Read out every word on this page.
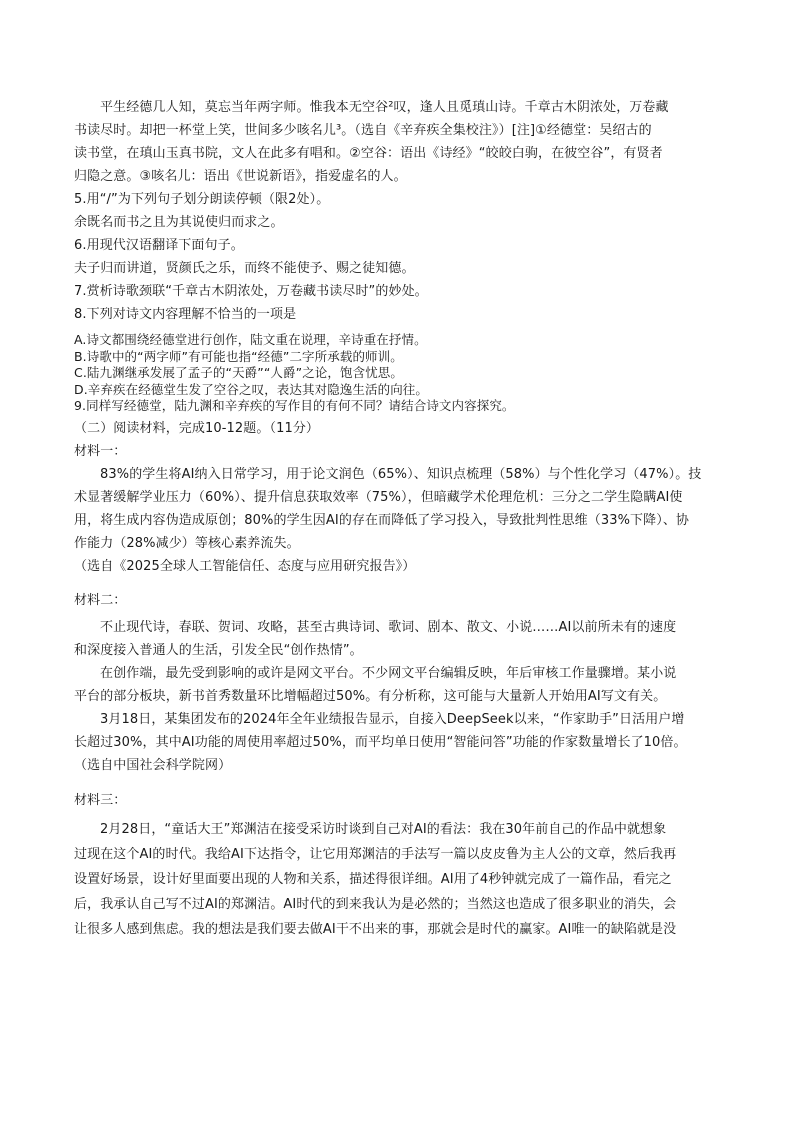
平生经德几人知，莫忘当年两字师。惟我本无空谷²叹，逢人且觅瑱山诗。千章古木阴浓处，万卷藏
书读尽时。却把一杯堂上笑，世间多少咳名儿³。（选自《辛弃疾全集校注》）[注]①经德堂：吴绍古的
读书堂，在瑱山玉真书院，文人在此多有唱和。②空谷：语出《诗经》“皎皎白驹，在彼空谷”，有贤者
归隐之意。③咳名儿：语出《世说新语》，指爱虚名的人。
5.用“/”为下列句子划分朗读停顿（限2处）。
余既名而书之且为其说使归而求之。
6.用现代汉语翻译下面句子。
夫子归而讲道，贤颜氏之乐，而终不能使予、赐之徒知德。
7.赏析诗歌颈联“千章古木阴浓处，万卷藏书读尽时”的妙处。
8.下列对诗文内容理解不恰当的一项是
A.诗文都围绕经德堂进行创作，陆文重在说理，辛诗重在抒情。
B.诗歌中的“两字师”有可能也指“经德”二字所承载的师训。
C.陆九渊继承发展了孟子的“天爵”“人爵”之论，饱含忧思。
D.辛弃疾在经德堂生发了空谷之叹，表达其对隐逸生活的向往。
9.同样写经德堂，陆九渊和辛弃疾的写作目的有何不同？请结合诗文内容探究。
（二）阅读材料，完成10-12题。（11分）
材料一：
83%的学生将AI纳入日常学习，用于论文润色（65%）、知识点梳理（58%）与个性化学习（47%）。技
术显著缓解学业压力（60%）、提升信息获取效率（75%），但暗藏学术伦理危机：三分之二学生隐瞒AI使
用，将生成内容伪造成原创；80%的学生因AI的存在而降低了学习投入，导致批判性思维（33%下降）、协
作能力（28%减少）等核心素养流失。
（选自《2025全球人工智能信任、态度与应用研究报告》）
材料二：
不止现代诗，春联、贺词、攻略，甚至古典诗词、歌词、剧本、散文、小说……AI以前所未有的速度
和深度接入普通人的生活，引发全民“创作热情”。
在创作端，最先受到影响的或许是网文平台。不少网文平台编辑反映，年后审核工作量骤增。某小说
平台的部分板块，新书首秀数量环比增幅超过50%。有分析称，这可能与大量新人开始用AI写文有关。
3月18日，某集团发布的2024年全年业绩报告显示，自接入DeepSeek以来，“作家助手”日活用户增
长超过30%，其中AI功能的周使用率超过50%，而平均单日使用“智能问答”功能的作家数量增长了10倍。
（选自中国社会科学院网）
材料三：
2月28日，“童话大王”郑渊洁在接受采访时谈到自己对AI的看法：我在30年前自己的作品中就想象
过现在这个AI的时代。我给AI下达指令，让它用郑渊洁的手法写一篇以皮皮鲁为主人公的文章，然后我再
设置好场景，设计好里面要出现的人物和关系，描述得很详细。AI用了4秒钟就完成了一篇作品，看完之
后，我承认自己写不过AI的郑渊洁。AI时代的到来我认为是必然的；当然这也造成了很多职业的消失，会
让很多人感到焦虑。我的想法是我们要去做AI干不出来的事，那就会是时代的赢家。AI唯一的缺陷就是没
